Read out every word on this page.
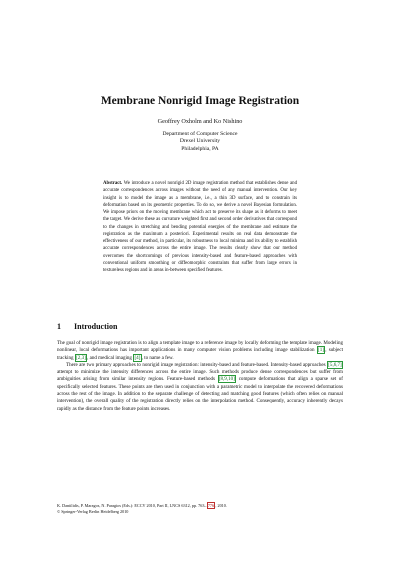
Membrane Nonrigid Image Registration
Geoffrey Oxholm and Ko Nishino
Department of Computer Science
Drexel University
Philadelphia, PA
Abstract. We introduce a novel nonrigid 2D image registration method that establishes dense and accurate correspondences across images without the need of any manual intervention. Our key insight is to model the image as a membrane, i.e., a thin 3D surface, and to constrain its deformation based on its geometric properties. To do so, we derive a novel Bayesian formulation. We impose priors on the moving membrane which act to preserve its shape as it deforms to meet the target. We derive these as curvature weighted first and second order derivatives that correspond to the changes in stretching and bending potential energies of the membrane and estimate the registration as the maximum a posteriori. Experimental results on real data demonstrate the effectiveness of our method, in particular, its robustness to local minima and its ability to establish accurate correspondences across the entire image. The results clearly show that our method overcomes the shortcomings of previous intensity-based and feature-based approaches with conventional uniform smoothing or diffeomorphic constraints that suffer from large errors in textureless regions and in areas in-between specified features.
1 Introduction

The goal of nonrigid image registration is to align a template image to a reference image by locally deforming the template image. Modeling nonlinear, local deformations has important applications in many computer vision problems including image stabilization [1], subject tracking [2,3], and medical imaging [4], to name a few.

There are two primary approaches to nonrigid image registration: intensity-based and feature-based. Intensity-based approaches [5,6,7] attempt to minimize the intensity differences across the entire image. Such methods produce dense correspondences but suffer from ambiguities arising from similar intensity regions. Feature-based methods [8,9,10] compute deformations that align a sparse set of specifically selected features. These points are then used in conjunction with a parametric model to interpolate the recovered deformations across the rest of the image. In addition to the separate challenge of detecting and matching good features (which often relies on manual intervention), the overall quality of the registration directly relies on the interpolation method. Consequently, accuracy inherently decays rapidly as the distance from the feature points increases.

K. Daniilidis, P. Maragos, N. Paragios (Eds.): ECCV 2010, Part II, LNCS 6312, pp. 763–776, 2010.
© Springer-Verlag Berlin Heidelberg 2010
